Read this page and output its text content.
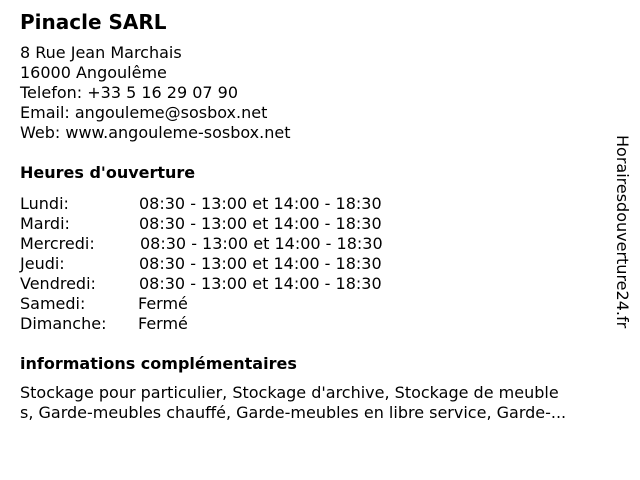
Pinacle SARL
8 Rue Jean Marchais
16000 Angoulême
Telefon: +33 5 16 29 07 90
Email: angouleme@sosbox.net
Web: www.angouleme-sosbox.net
Heures d'ouverture
Lundi:	08:30 - 13:00 et 14:00 - 18:30
Mardi:	08:30 - 13:00 et 14:00 - 18:30
Mercredi:	08:30 - 13:00 et 14:00 - 18:30
Jeudi:	08:30 - 13:00 et 14:00 - 18:30
Vendredi:	08:30 - 13:00 et 14:00 - 18:30
Samedi:	Fermé
Dimanche: Fermé
informations complémentaires
Stockage pour particulier, Stockage d'archive, Stockage de meuble
s, Garde-meubles chauffé, Garde-meubles en libre service, Garde-...
Horairesdouverture24.fr
